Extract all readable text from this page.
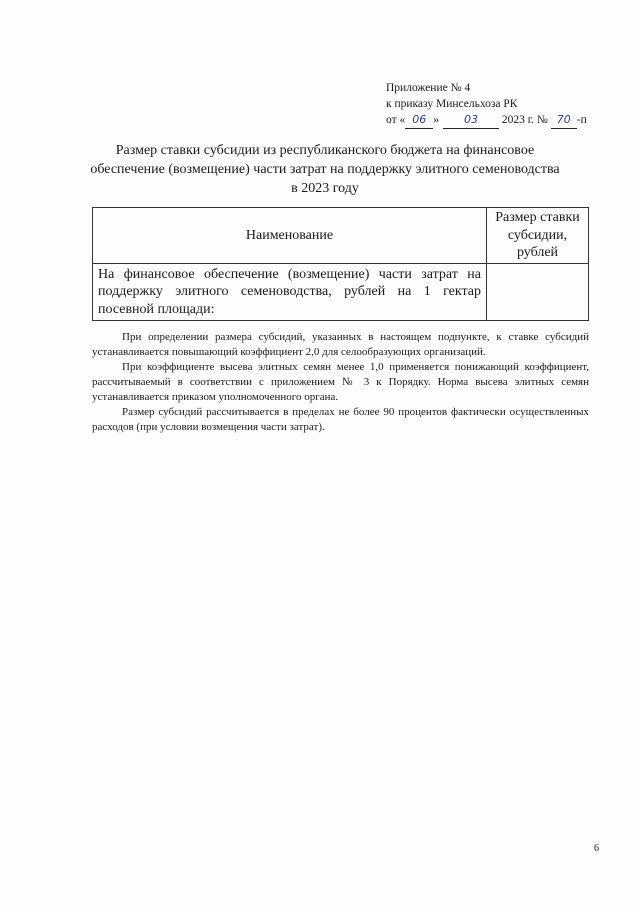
Приложение № 4
к приказу Минсельхоза РК
от « 06 » 03 2023 г. № 70 -п
Размер ставки субсидии из республиканского бюджета на финансовое обеспечение (возмещение) части затрат на поддержку элитного семеноводства в 2023 году
Наименование	Размер ставки субсидии, рублей
На финансовое обеспечение (возмещение) части затрат на поддержку элитного семеноводства, рублей на 1 гектар посевной площади:	

При определении размера субсидий, указанных в настоящем подпункте, к ставке субсидий устанавливается повышающий коэффициент 2,0 для селообразующих организаций.

При коэффициенте высева элитных семян менее 1,0 применяется понижающий коэффициент, рассчитываемый в соответствии с приложением № 3 к Порядку. Норма высева элитных семян устанавливается приказом уполномоченного органа.

Размер субсидий рассчитывается в пределах не более 90 процентов фактически осуществленных расходов (при условии возмещения части затрат).

6
